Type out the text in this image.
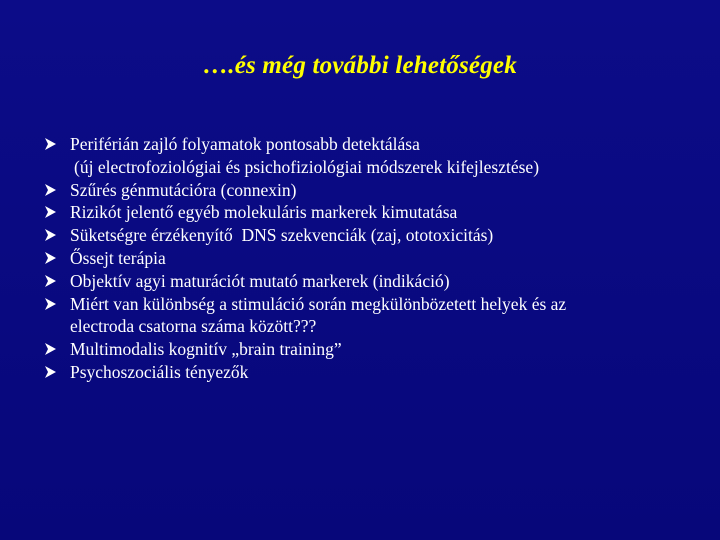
….és még további lehetőségek
Periférián zajló folyamatok pontosabb detektálása
(új electrofoziológiai és psichofiziológiai módszerek kifejlesztése)
Szűrés génmutációra (connexin)
Rizikót jelentő egyéb molekuláris markerek kimutatása
Süketségre érzékenyítő  DNS szekvenciák (zaj, ototoxicitás)
Őssejt terápia
Objektív agyi maturációt mutató markerek (indikáció)
Miért van különbség a stimuláció során megkülönbözetett helyek és az
electroda csatorna száma között???
Multimodalis kognitív „brain training”
Psychoszociális tényezők
